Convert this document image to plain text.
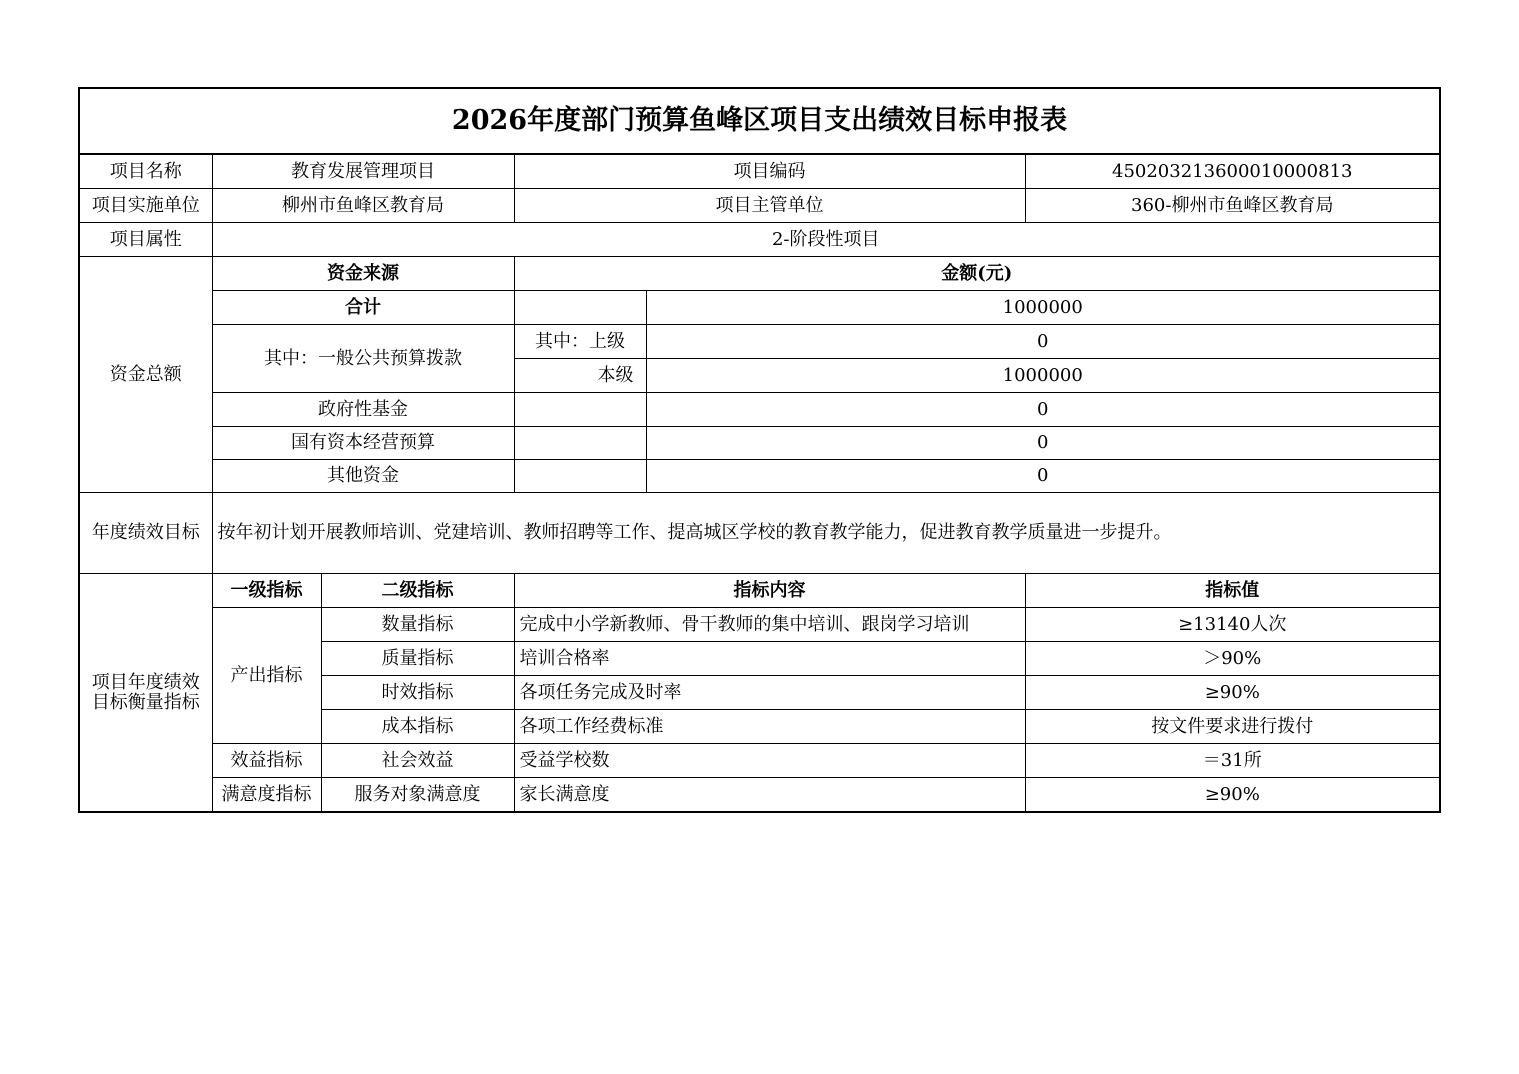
2026年度部门预算鱼峰区项目支出绩效目标申报表					
项目名称	教育发展管理项目		项目编码		450203213600010000813
项目实施单位	柳州市鱼峰区教育局		项目主管单位		360-柳州市鱼峰区教育局
项目属性	2-阶段性项目				
资金总额	资金来源		金额(元)		
	合计			1000000	
	其中：一般公共预算拨款		其中：上级	0	
			本级	1000000	
	政府性基金			0	
	国有资本经营预算			0	
	其他资金			0	
年度绩效目标	按年初计划开展教师培训、党建培训、教师招聘等工作、提高城区学校的教育教学能力，促进教育教学质量进一步提升。				
项目年度绩效目标衡量指标	一级指标	二级指标	指标内容		指标值
	产出指标	数量指标	完成中小学新教师、骨干教师的集中培训、跟岗学习培训		≥13140人次
		质量指标	培训合格率		＞90%
		时效指标	各项任务完成及时率		≥90%
		成本指标	各项工作经费标准		按文件要求进行拨付
	效益指标	社会效益	受益学校数		＝31所
	满意度指标	服务对象满意度	家长满意度		≥90%
